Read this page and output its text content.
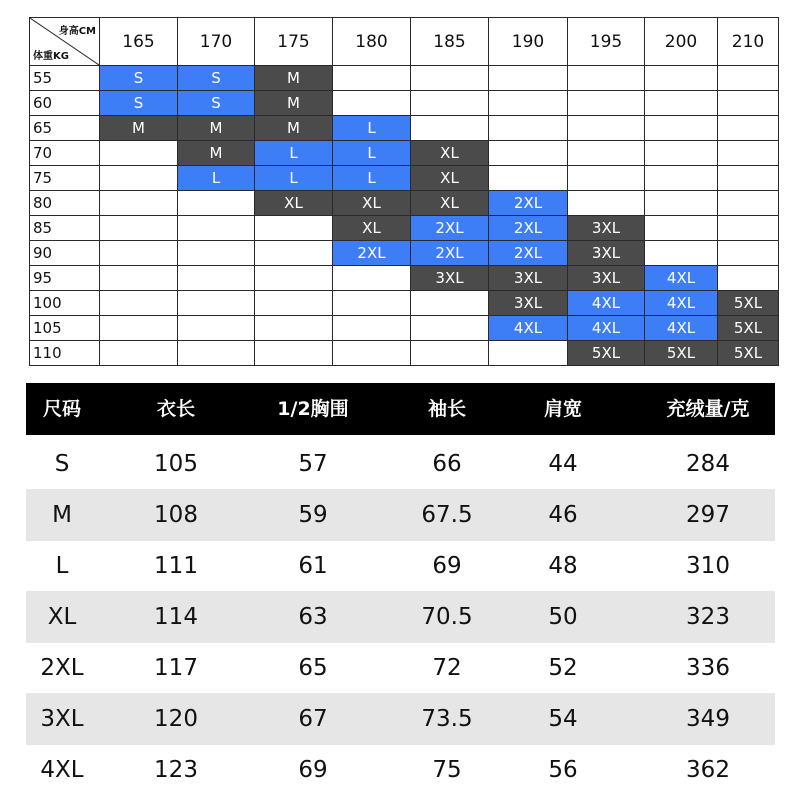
身高CM
体重KG	165	170	175	180	185	190	195	200	210
55	S	S	M						
60	S	S	M						
65	M	M	M	L					
70		M	L	L	XL				
75		L	L	L	XL				
80			XL	XL	XL	2XL			
85				XL	2XL	2XL	3XL		
90				2XL	2XL	2XL	3XL		
95					3XL	3XL	3XL	4XL	
100						3XL	4XL	4XL	5XL
105						4XL	4XL	4XL	5XL
110							5XL	5XL	5XL
尺码	衣长	1/2胸围	袖长	肩宽	充绒量/克
S	105	57	66	44	284
M	108	59	67.5	46	297
L	111	61	69	48	310
XL	114	63	70.5	50	323
2XL	117	65	72	52	336
3XL	120	67	73.5	54	349
4XL	123	69	75	56	362
